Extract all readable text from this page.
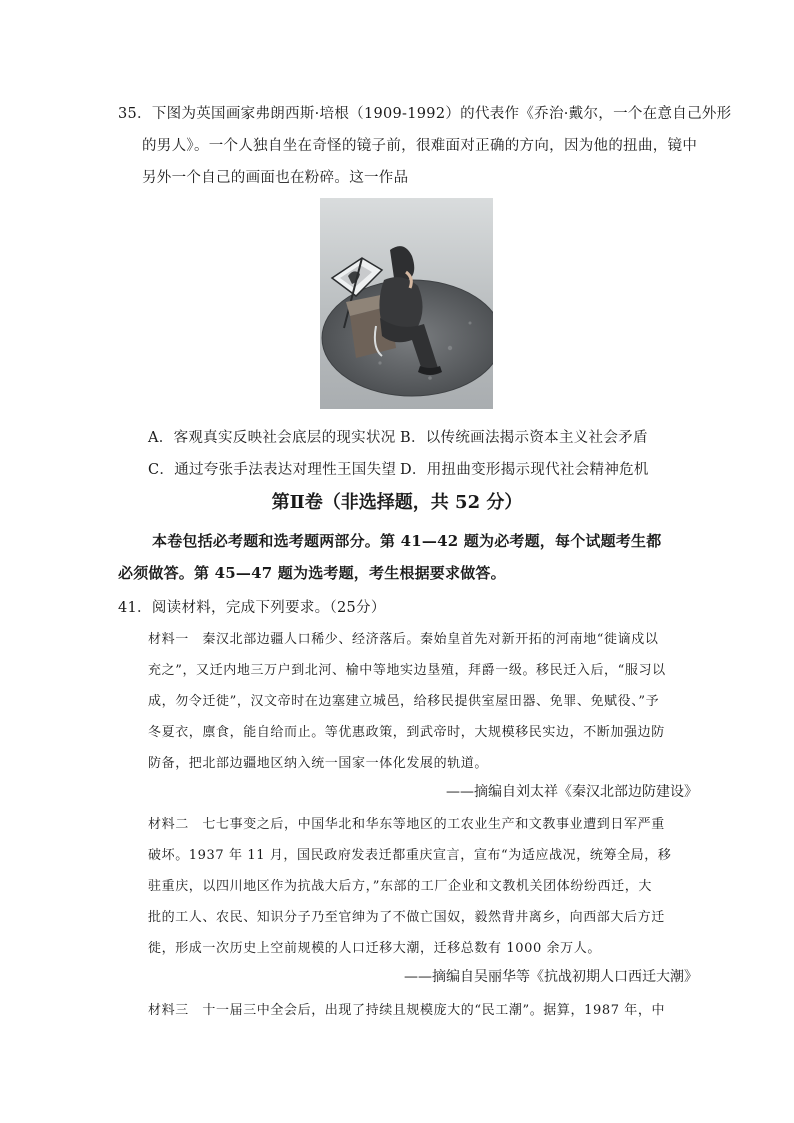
35．下图为英国画家弗朗西斯·培根（1909-1992）的代表作《乔治·戴尔，一个在意自己外形
的男人》。一个人独自坐在奇怪的镜子前，很难面对正确的方向，因为他的扭曲，镜中
另外一个自己的画面也在粉碎。这一作品
A．客观真实反映社会底层的现实状况 B．以传统画法揭示资本主义社会矛盾
C．通过夸张手法表达对理性王国失望 D．用扭曲变形揭示现代社会精神危机
第Ⅱ卷（非选择题，共 52 分）
本卷包括必考题和选考题两部分。第 41—42 题为必考题，每个试题考生都
必须做答。第 45—47 题为选考题，考生根据要求做答。
41．阅读材料，完成下列要求。（25分）
材料一　秦汉北部边疆人口稀少、经济落后。秦始皇首先对新开拓的河南地“徙谪戍以
充之”，又迁内地三万户到北河、榆中等地实边垦殖，拜爵一级。移民迁入后，“服习以
成，勿令迁徙”，汉文帝时在边塞建立城邑，给移民提供室屋田器、免罪、免赋役、”予
冬夏衣，廪食，能自给而止。等优惠政策，到武帝时，大规模移民实边，不断加强边防
防备，把北部边疆地区纳入统一国家一体化发展的轨道。
——摘编自刘太祥《秦汉北部边防建设》
材料二　七七事变之后，中国华北和华东等地区的工农业生产和文教事业遭到日军严重
破坏。1937 年 11 月，国民政府发表迁都重庆宣言，宣布“为适应战况，统筹全局，移
驻重庆，以四川地区作为抗战大后方，”东部的工厂企业和文教机关团体纷纷西迁，大
批的工人、农民、知识分子乃至官绅为了不做亡国奴，毅然背井离乡，向西部大后方迁
徙，形成一次历史上空前规模的人口迁移大潮，迁移总数有 1000 余万人。
——摘编自吴丽华等《抗战初期人口西迁大潮》
材料三　十一届三中全会后，出现了持续且规模庞大的“民工潮”。据算，1987 年，中
